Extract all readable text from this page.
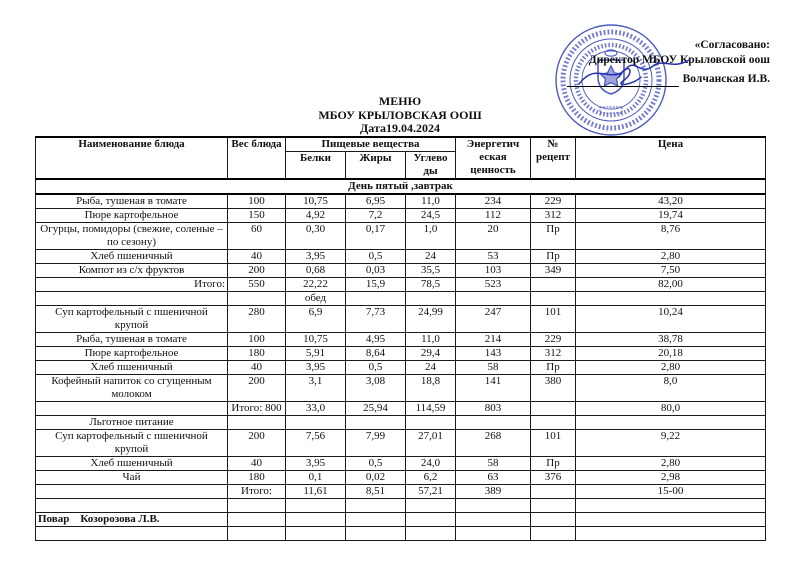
«Согласовано:
Директор МБОУ Крыловской оош
Волчанская И.В.
МЕНЮ
МБОУ КРЫЛОВСКАЯ ООШ
Дата19.04.2024
Наименование блюда	Вес блюда	Пищевые вещества			Энергетич еская ценность	№ рецепт	Цена
		Белки	Жиры	Углево ды			
День пятый ,завтрак							
Рыба, тушеная в томате	100	10,75	6,95	11,0	234	229	43,20
Пюре картофельное	150	4,92	7,2	24,5	112	312	19,74
Огурцы, помидоры (свежие, соленые – по сезону)	60	0,30	0,17	1,0	20	Пр	8,76
Хлеб пшеничный	40	3,95	0,5	24	53	Пр	2,80
Компот из с/х фруктов	200	0,68	0,03	35,5	103	349	7,50
Итого:	550	22,22	15,9	78,5	523		82,00
		обед					
Суп картофельный с пшеничной крупой	280	6,9	7,73	24,99	247	101	10,24
Рыба, тушеная в томате	100	10,75	4,95	11,0	214	229	38,78
Пюре картофельное	180	5,91	8,64	29,4	143	312	20,18
Хлеб пшеничный	40	3,95	0,5	24	58	Пр	2,80
Кофейный напиток со сгущенным молоком	200	3,1	3,08	18,8	141	380	8,0
	Итого: 800	33,0	25,94	114,59	803		80,0
Льготное питание							
Суп картофельный с пшеничной крупой	200	7,56	7,99	27,01	268	101	9,22
Хлеб пшеничный	40	3,95	0,5	24,0	58	Пр	2,80
Чай	180	0,1	0,02	6,2	63	376	2,98
	Итого:	11,61	8,51	57,21	389		15-00

Повар    Козорозова Л.В.							
